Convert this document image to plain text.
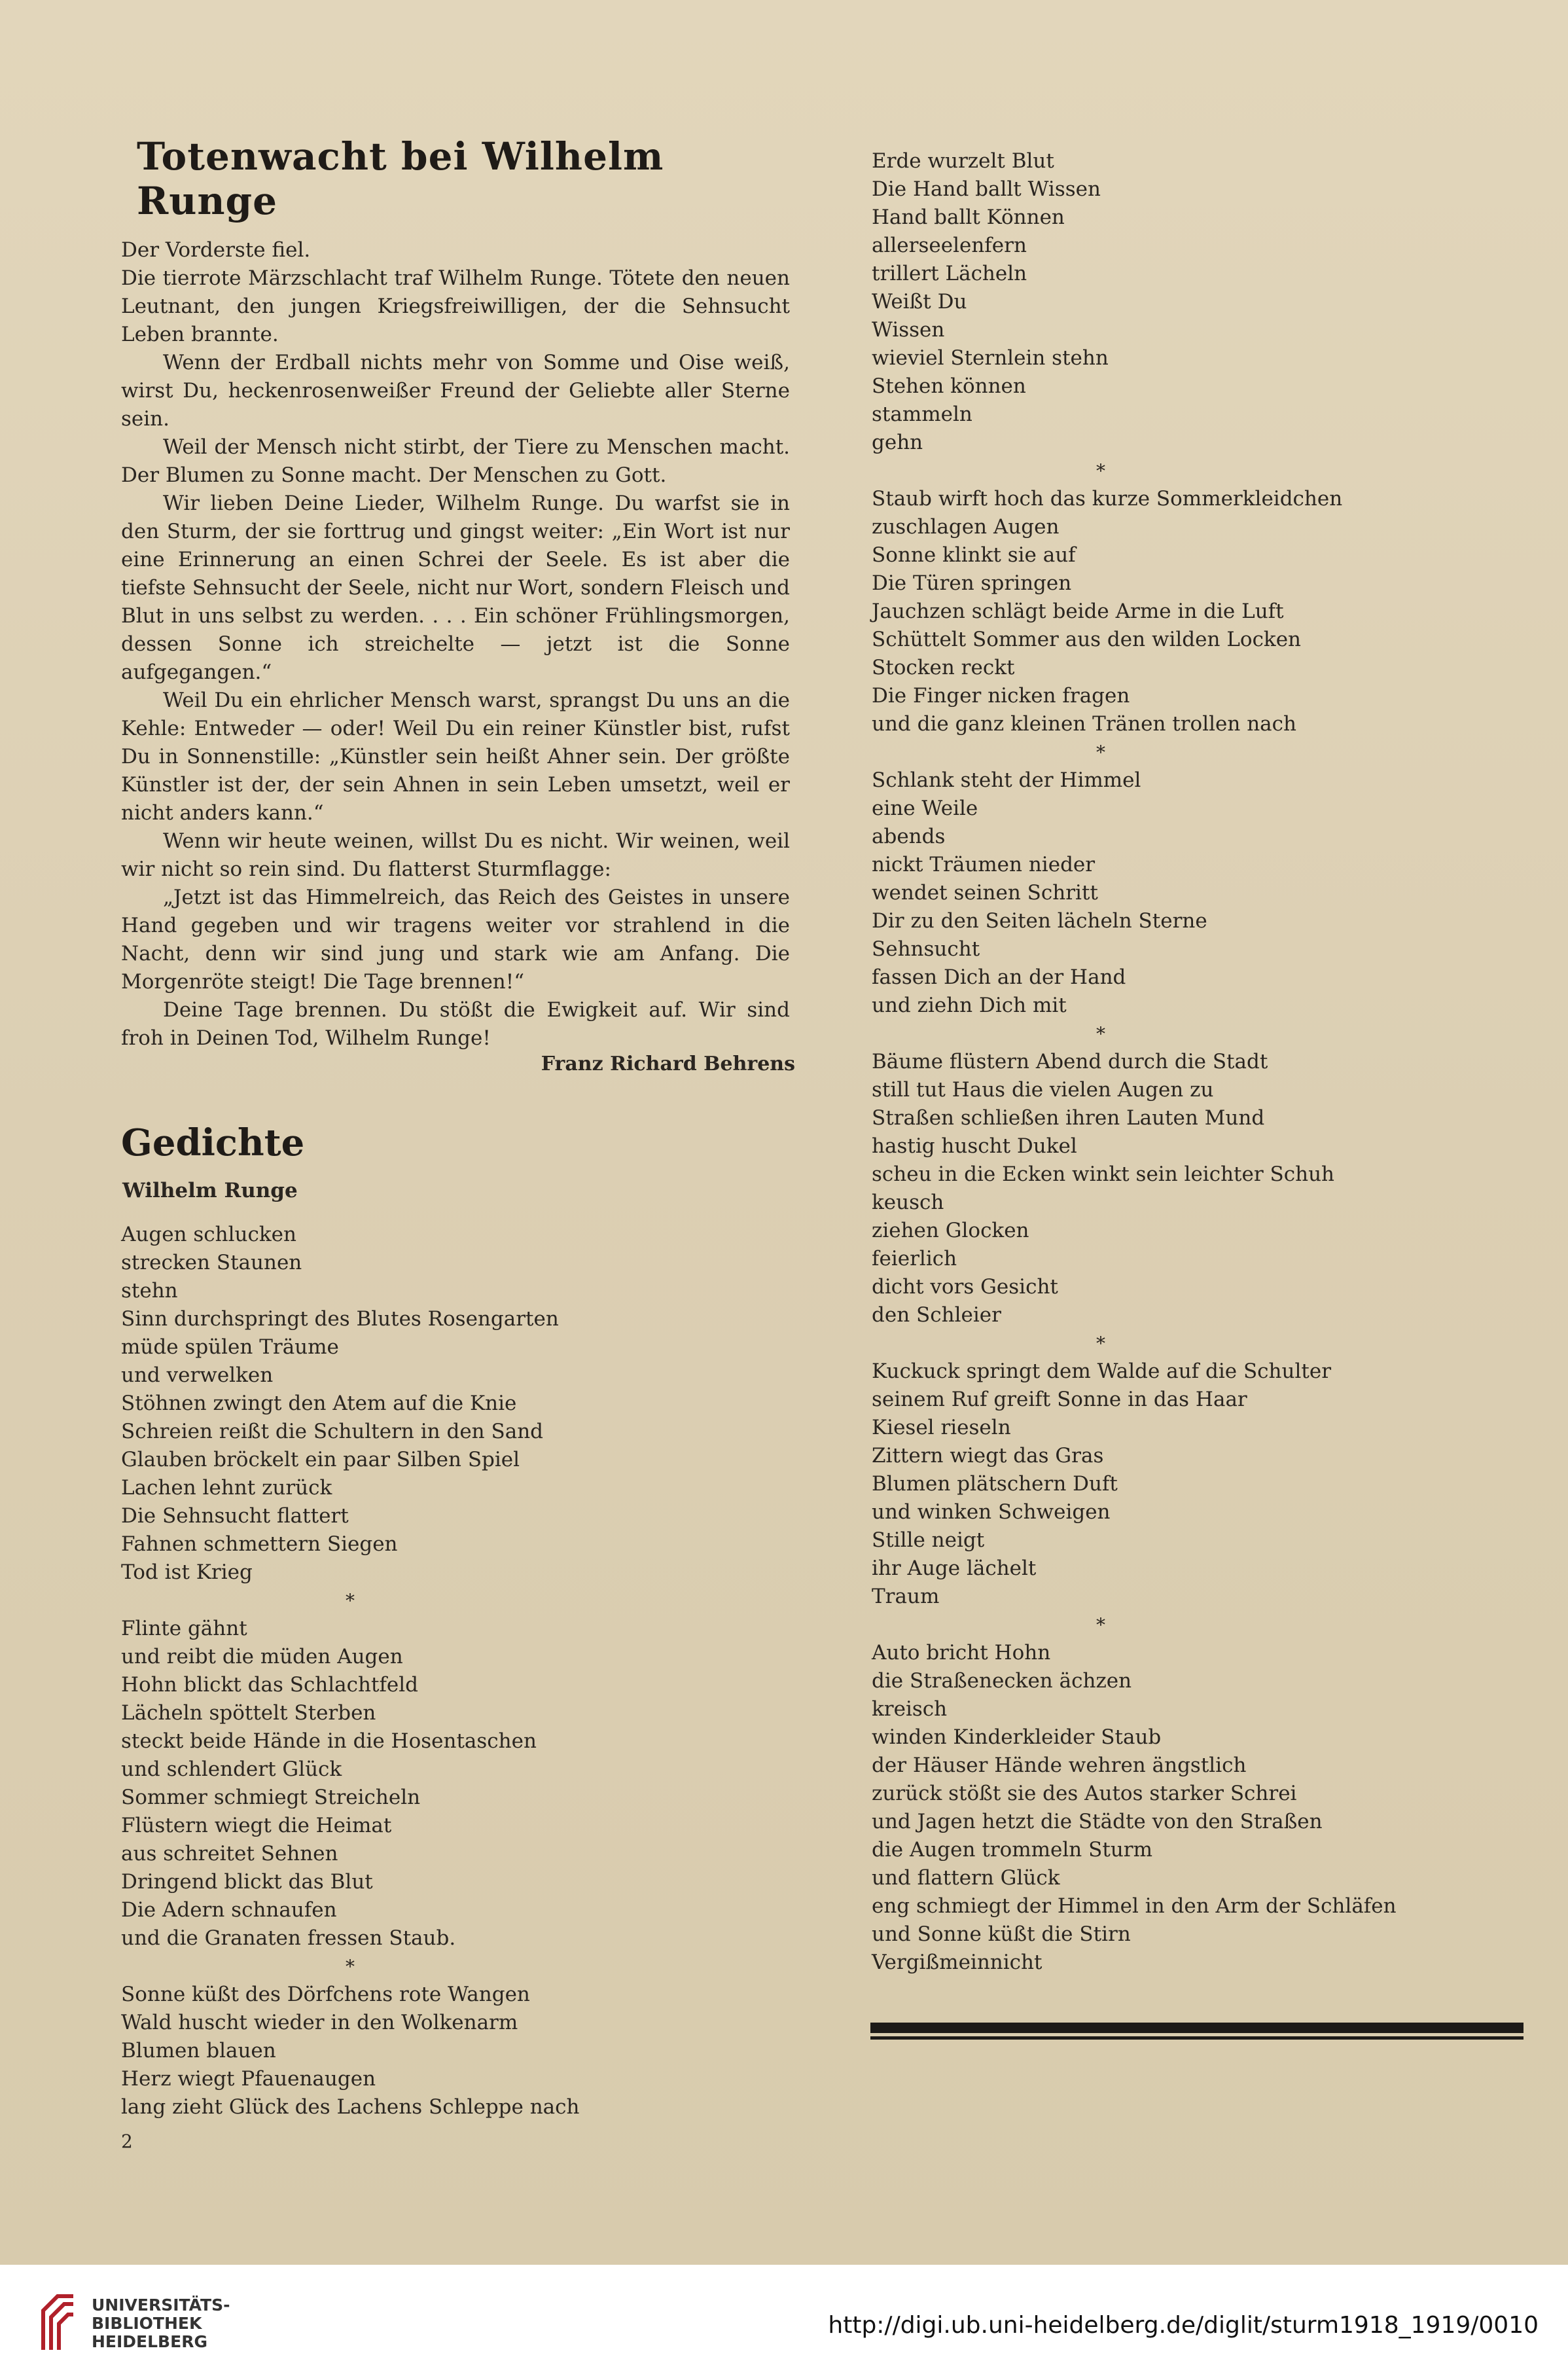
Totenwacht bei Wilhelm Runge

Der Vorderste fiel.

Die tierrote Märzschlacht traf Wilhelm Runge. Tötete den neuen Leutnant, den jungen Kriegsfreiwilligen, der die Sehnsucht Leben brannte.

Wenn der Erdball nichts mehr von Somme und Oise weiß, wirst Du, heckenrosenweißer Freund der Geliebte aller Sterne sein.

Weil der Mensch nicht stirbt, der Tiere zu Menschen macht. Der Blumen zu Sonne macht. Der Menschen zu Gott.

Wir lieben Deine Lieder, Wilhelm Runge. Du warfst sie in den Sturm, der sie forttrug und gingst weiter: „Ein Wort ist nur eine Erinnerung an einen Schrei der Seele. Es ist aber die tiefste Sehnsucht der Seele, nicht nur Wort, sondern Fleisch und Blut in uns selbst zu werden. . . . Ein schöner Frühlingsmorgen, dessen Sonne ich streichelte — jetzt ist die Sonne aufgegangen.“

Weil Du ein ehrlicher Mensch warst, sprangst Du uns an die Kehle: Entweder — oder! Weil Du ein reiner Künstler bist, rufst Du in Sonnenstille: „Künstler sein heißt Ahner sein. Der größte Künstler ist der, der sein Ahnen in sein Leben umsetzt, weil er nicht anders kann.“

Wenn wir heute weinen, willst Du es nicht. Wir weinen, weil wir nicht so rein sind. Du flatterst Sturmflagge:

„Jetzt ist das Himmelreich, das Reich des Geistes in unsere Hand gegeben und wir tragens weiter vor strahlend in die Nacht, denn wir sind jung und stark wie am Anfang. Die Morgenröte steigt! Die Tage brennen!“

Deine Tage brennen. Du stößt die Ewigkeit auf. Wir sind froh in Deinen Tod, Wilhelm Runge!

Franz Richard Behrens
Gedichte
Wilhelm Runge
Augen schlucken
strecken Staunen
stehn
Sinn durchspringt des Blutes Rosengarten
müde spülen Träume
und verwelken
Stöhnen zwingt den Atem auf die Knie
Schreien reißt die Schultern in den Sand
Glauben bröckelt ein paar Silben Spiel
Lachen lehnt zurück
Die Sehnsucht flattert
Fahnen schmettern Siegen
Tod ist Krieg
*
Flinte gähnt
und reibt die müden Augen
Hohn blickt das Schlachtfeld
Lächeln spöttelt Sterben
steckt beide Hände in die Hosentaschen
und schlendert Glück
Sommer schmiegt Streicheln
Flüstern wiegt die Heimat
aus schreitet Sehnen
Dringend blickt das Blut
Die Adern schnaufen
und die Granaten fressen Staub.
*
Sonne küßt des Dörfchens rote Wangen
Wald huscht wieder in den Wolkenarm
Blumen blauen
Herz wiegt Pfauenaugen
lang zieht Glück des Lachens Schleppe nach
2
Erde wurzelt Blut
Die Hand ballt Wissen
Hand ballt Können
allerseelenfern
trillert Lächeln
Weißt Du
Wissen
wieviel Sternlein stehn
Stehen können
stammeln
gehn
*
Staub wirft hoch das kurze Sommerkleidchen
zuschlagen Augen
Sonne klinkt sie auf
Die Türen springen
Jauchzen schlägt beide Arme in die Luft
Schüttelt Sommer aus den wilden Locken
Stocken reckt
Die Finger nicken fragen
und die ganz kleinen Tränen trollen nach
*
Schlank steht der Himmel
eine Weile
abends
nickt Träumen nieder
wendet seinen Schritt
Dir zu den Seiten lächeln Sterne
Sehnsucht
fassen Dich an der Hand
und ziehn Dich mit
*
Bäume flüstern Abend durch die Stadt
still tut Haus die vielen Augen zu
Straßen schließen ihren Lauten Mund
hastig huscht Dukel
scheu in die Ecken winkt sein leichter Schuh
keusch
ziehen Glocken
feierlich
dicht vors Gesicht
den Schleier
*
Kuckuck springt dem Walde auf die Schulter
seinem Ruf greift Sonne in das Haar
Kiesel rieseln
Zittern wiegt das Gras
Blumen plätschern Duft
und winken Schweigen
Stille neigt
ihr Auge lächelt
Traum
*
Auto bricht Hohn
die Straßenecken ächzen
kreisch
winden Kinderkleider Staub
der Häuser Hände wehren ängstlich
zurück stößt sie des Autos starker Schrei
und Jagen hetzt die Städte von den Straßen
die Augen trommeln Sturm
und flattern Glück
eng schmiegt der Himmel in den Arm der Schläfen
und Sonne küßt die Stirn
Vergißmeinnicht
UNIVERSITÄTS-
BIBLIOTHEK
HEIDELBERG
http://digi.ub.uni-heidelberg.de/diglit/sturm1918_1919/0010
